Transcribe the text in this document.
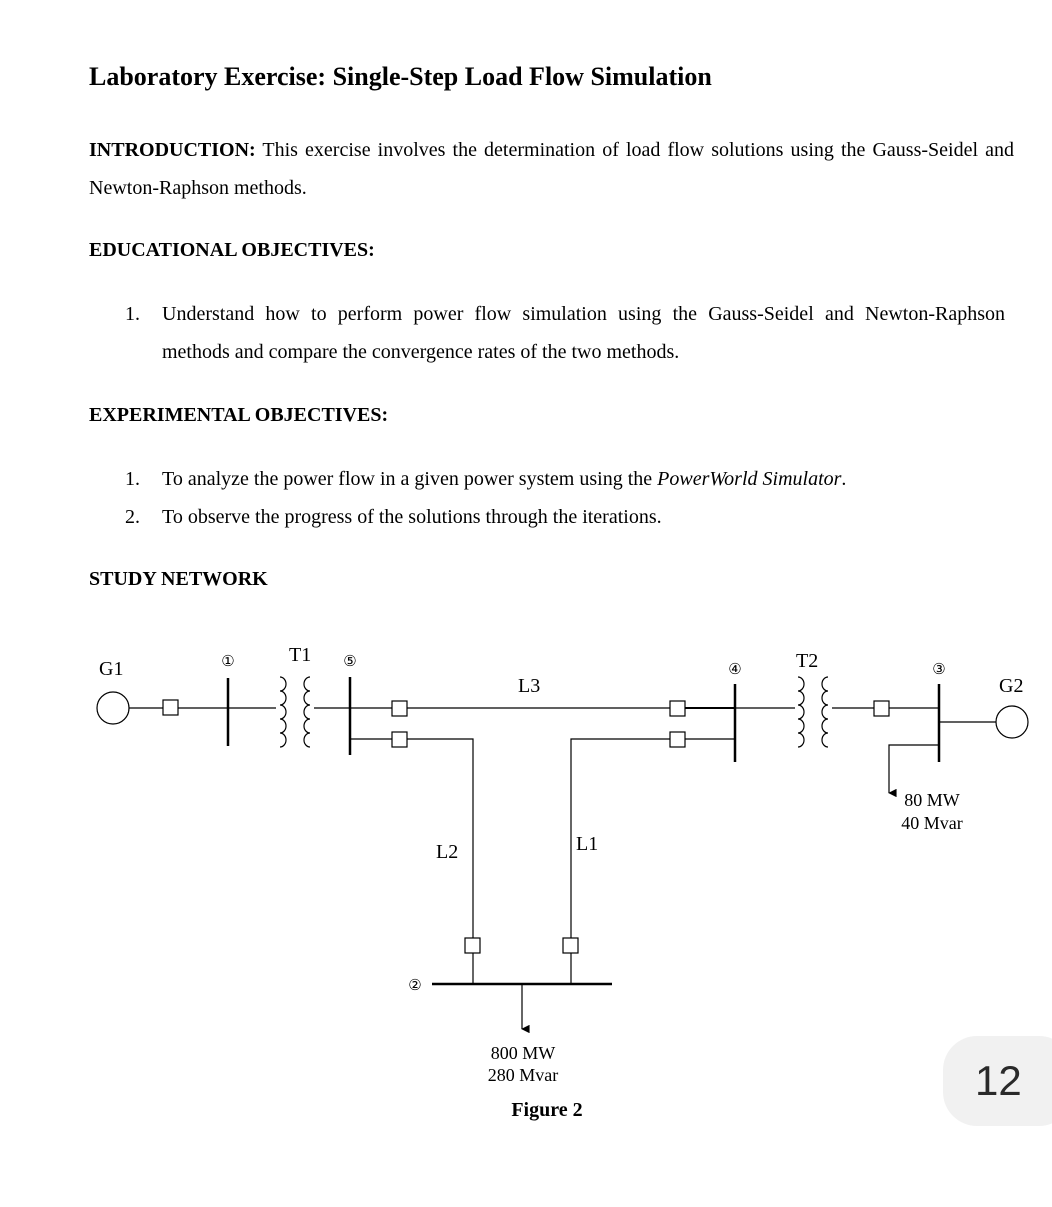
Laboratory Exercise: Single-Step Load Flow Simulation

INTRODUCTION: This exercise involves the determination of load flow solutions using the Gauss-Seidel and Newton-Raphson methods.

EDUCATIONAL OBJECTIVES:
1. Understand how to perform power flow simulation using the Gauss-Seidel and Newton-Raphson methods and compare the convergence rates of the two methods.
EXPERIMENTAL OBJECTIVES:
1. To analyze the power flow in a given power system using the PowerWorld Simulator.
2. To observe the progress of the solutions through the iterations.
STUDY NETWORK
G1
G2
T1	T2
L3
L2	L1
①	⑤	④	③
②
80 MW
40 Mvar
800 MW
280 Mvar
Figure 2
12
